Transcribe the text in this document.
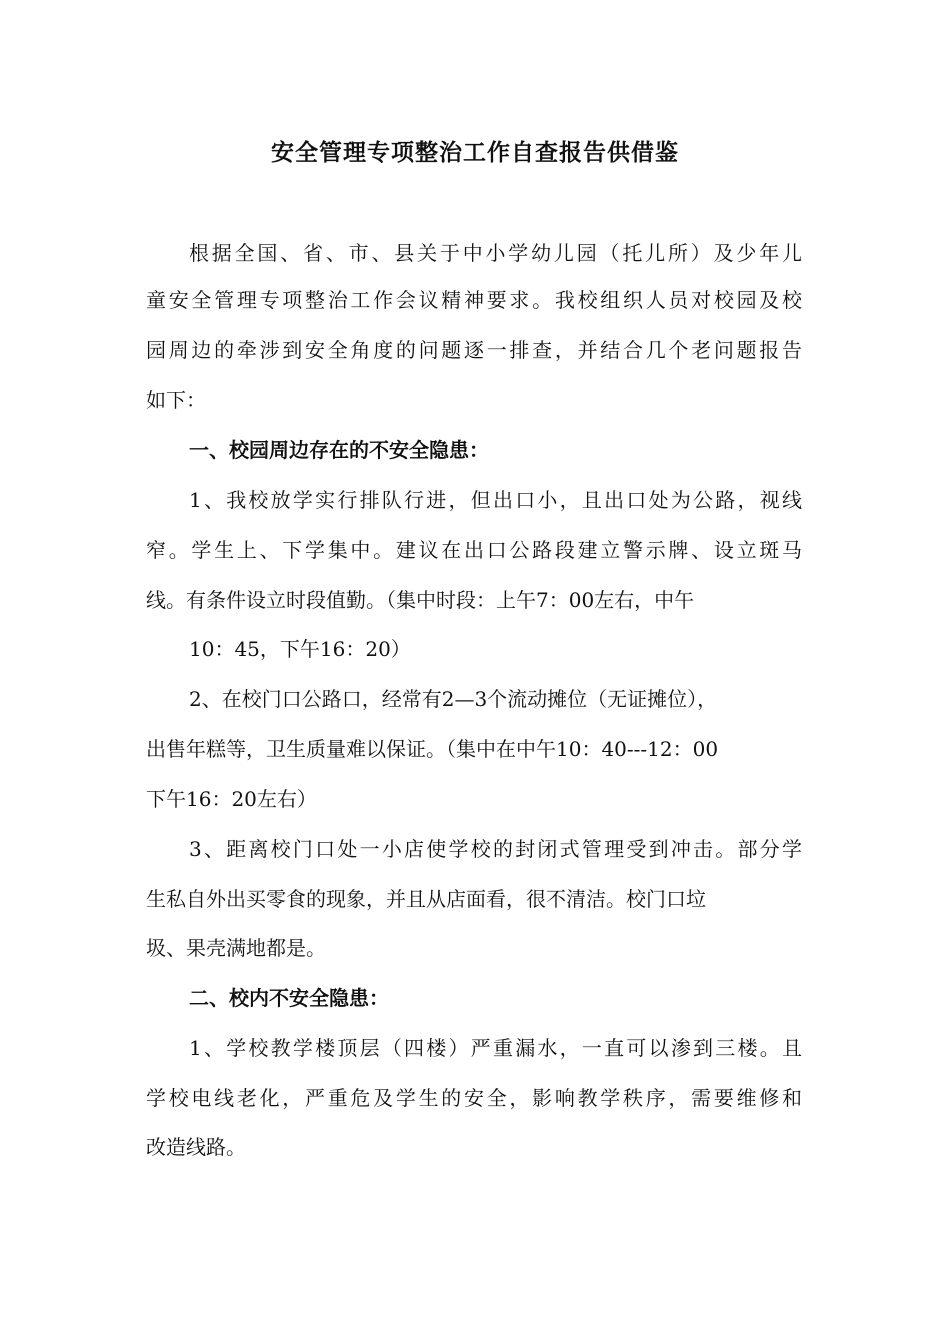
安全管理专项整治工作自查报告供借鉴
根据全国、省、市、县关于中小学幼儿园（托儿所）及少年儿
童安全管理专项整治工作会议精神要求。我校组织人员对校园及校
园周边的牵涉到安全角度的问题逐一排查，并结合几个老问题报告
如下：
一、校园周边存在的不安全隐患：
1、我校放学实行排队行进，但出口小，且出口处为公路，视线
窄。学生上、下学集中。建议在出口公路段建立警示牌、设立斑马
线。有条件设立时段值勤。（集中时段：上午7：00左右，中午
10：45，下午16：20）
2、在校门口公路口，经常有2—3个流动摊位（无证摊位），
出售年糕等，卫生质量难以保证。（集中在中午10：40---12：00
下午16：20左右）
3、距离校门口处一小店使学校的封闭式管理受到冲击。部分学
生私自外出买零食的现象，并且从店面看，很不清洁。校门口垃
圾、果壳满地都是。
二、校内不安全隐患：
1、学校教学楼顶层（四楼）严重漏水，一直可以渗到三楼。且
学校电线老化，严重危及学生的安全，影响教学秩序，需要维修和
改造线路。
